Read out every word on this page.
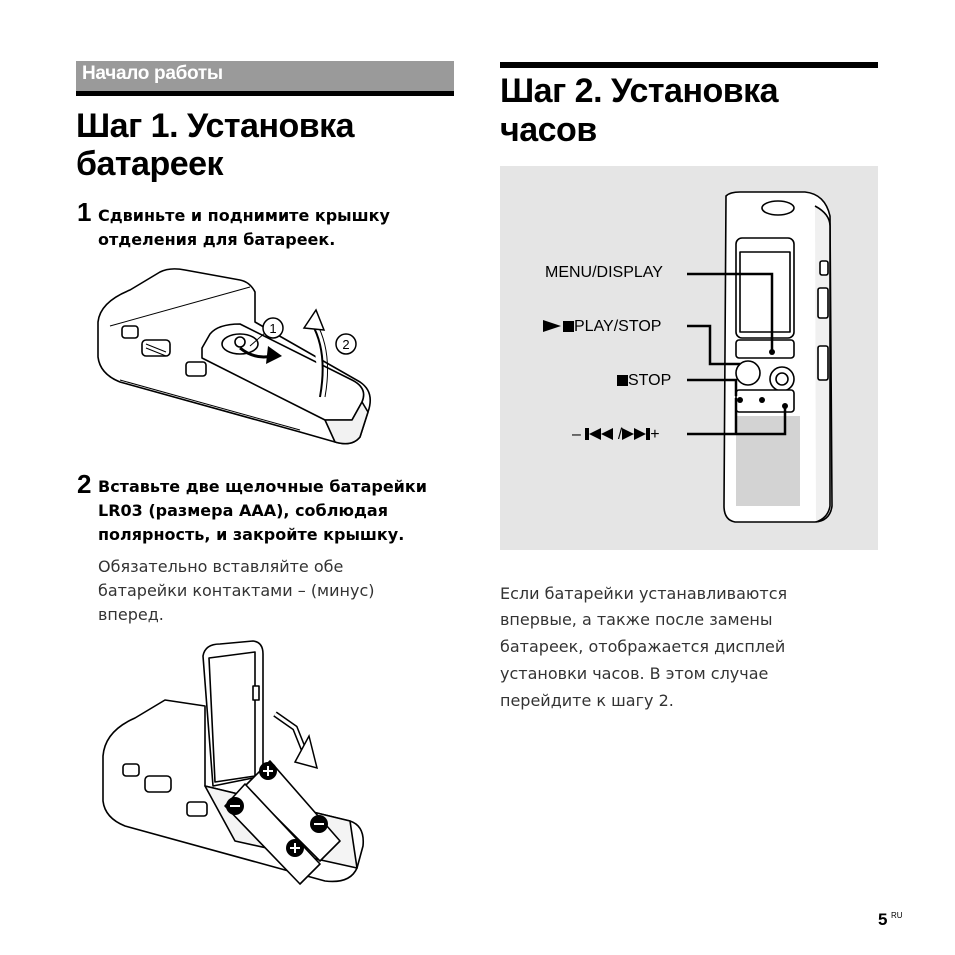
Начало работы
Шаг 1. Установка
батареек
1 Сдвиньте и поднимите крышку
отделения для батареек.
1
2
2 Вставьте две щелочные батарейки
LR03 (размера AAA), соблюдая
полярность, и закройте крышку.
Обязательно вставляйте обе
батарейки контактами – (минус)
вперед.
Шаг 2. Установка
часов
MENU/DISPLAY
PLAY/STOP
STOP
– / +
Если батарейки устанавливаются
впервые, а также после замены
батареек, отображается дисплей
установки часов. В этом случае
перейдите к шагу 2.
5 RU
